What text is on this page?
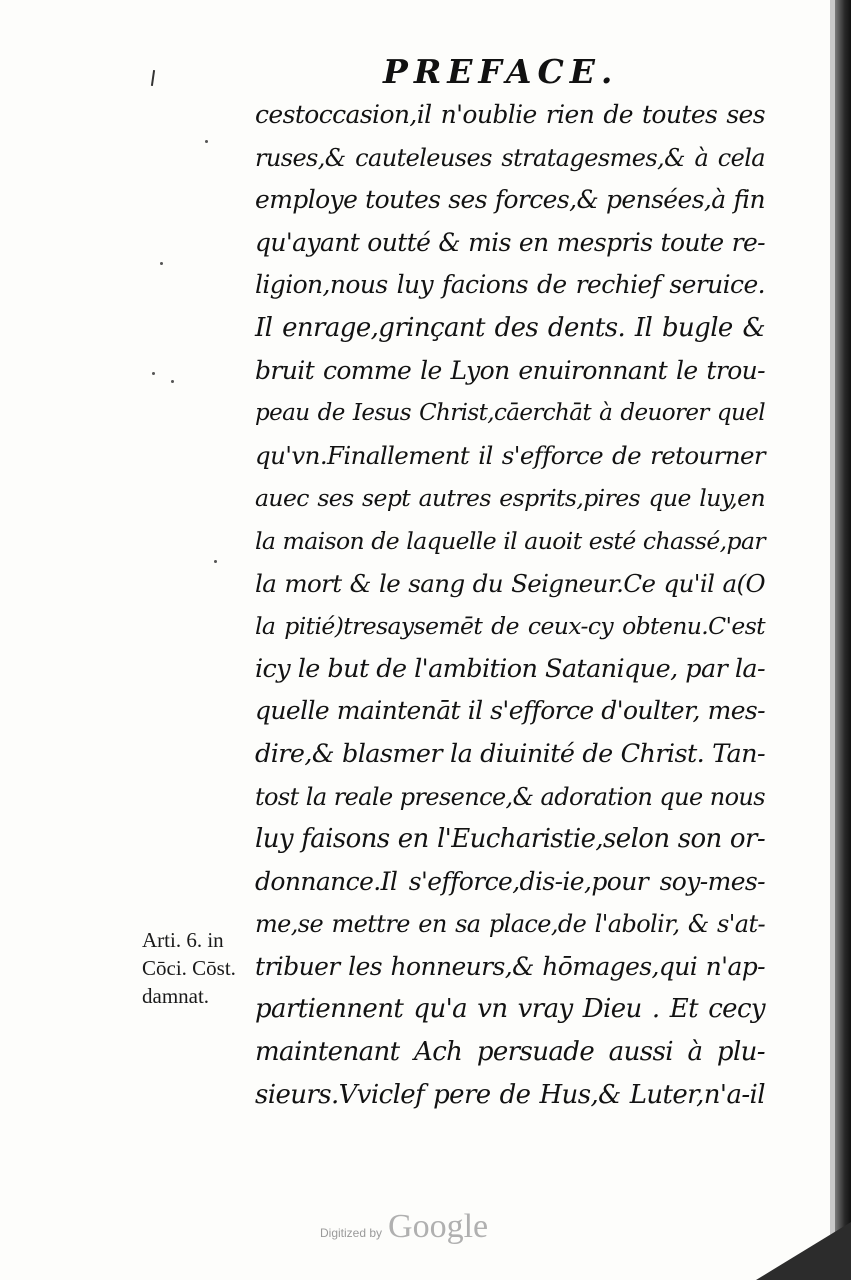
PREFACE.
cestoccasion,il n'oublie rien de toutes ses
ruses,& cauteleuses stratagesmes,& à cela
employe toutes ses forces,& pensées,à fin
qu'ayant outté & mis en mespris toute re-
ligion,nous luy facions de rechief seruice.
Il enrage,grinçant des dents. Il bugle &
bruit comme le Lyon enuironnant le trou-
peau de Iesus Christ,cāerchāt à deuorer quel
qu'vn.Finallement il s'efforce de retourner
auec ses sept autres esprits,pires que luy,en
la maison de laquelle il auoit esté chassé,par
la mort & le sang du Seigneur.Ce qu'il a(O
la pitié)tresaysemēt de ceux-cy obtenu.C'est
icy le but de l'ambition Satanique, par la-
quelle maintenāt il s'efforce d'oulter, mes-
dire,& blasmer la diuinité de Christ. Tan-
tost la reale presence,& adoration que nous
luy faisons en l'Eucharistie,selon son or-
donnance.Il s'efforce,dis-ie,pour soy-mes-
me,se mettre en sa place,de l'abolir, & s'at-
tribuer les honneurs,& hōmages,qui n'ap-
partiennent qu'a vn vray Dieu . Et cecy
maintenant Ach persuade aussi à plu-
sieurs.Vviclef pere de Hus,& Luter,n'a-il
Arti. 6. in
Cōci. Cōst.
damnat.
Digitized by Google
